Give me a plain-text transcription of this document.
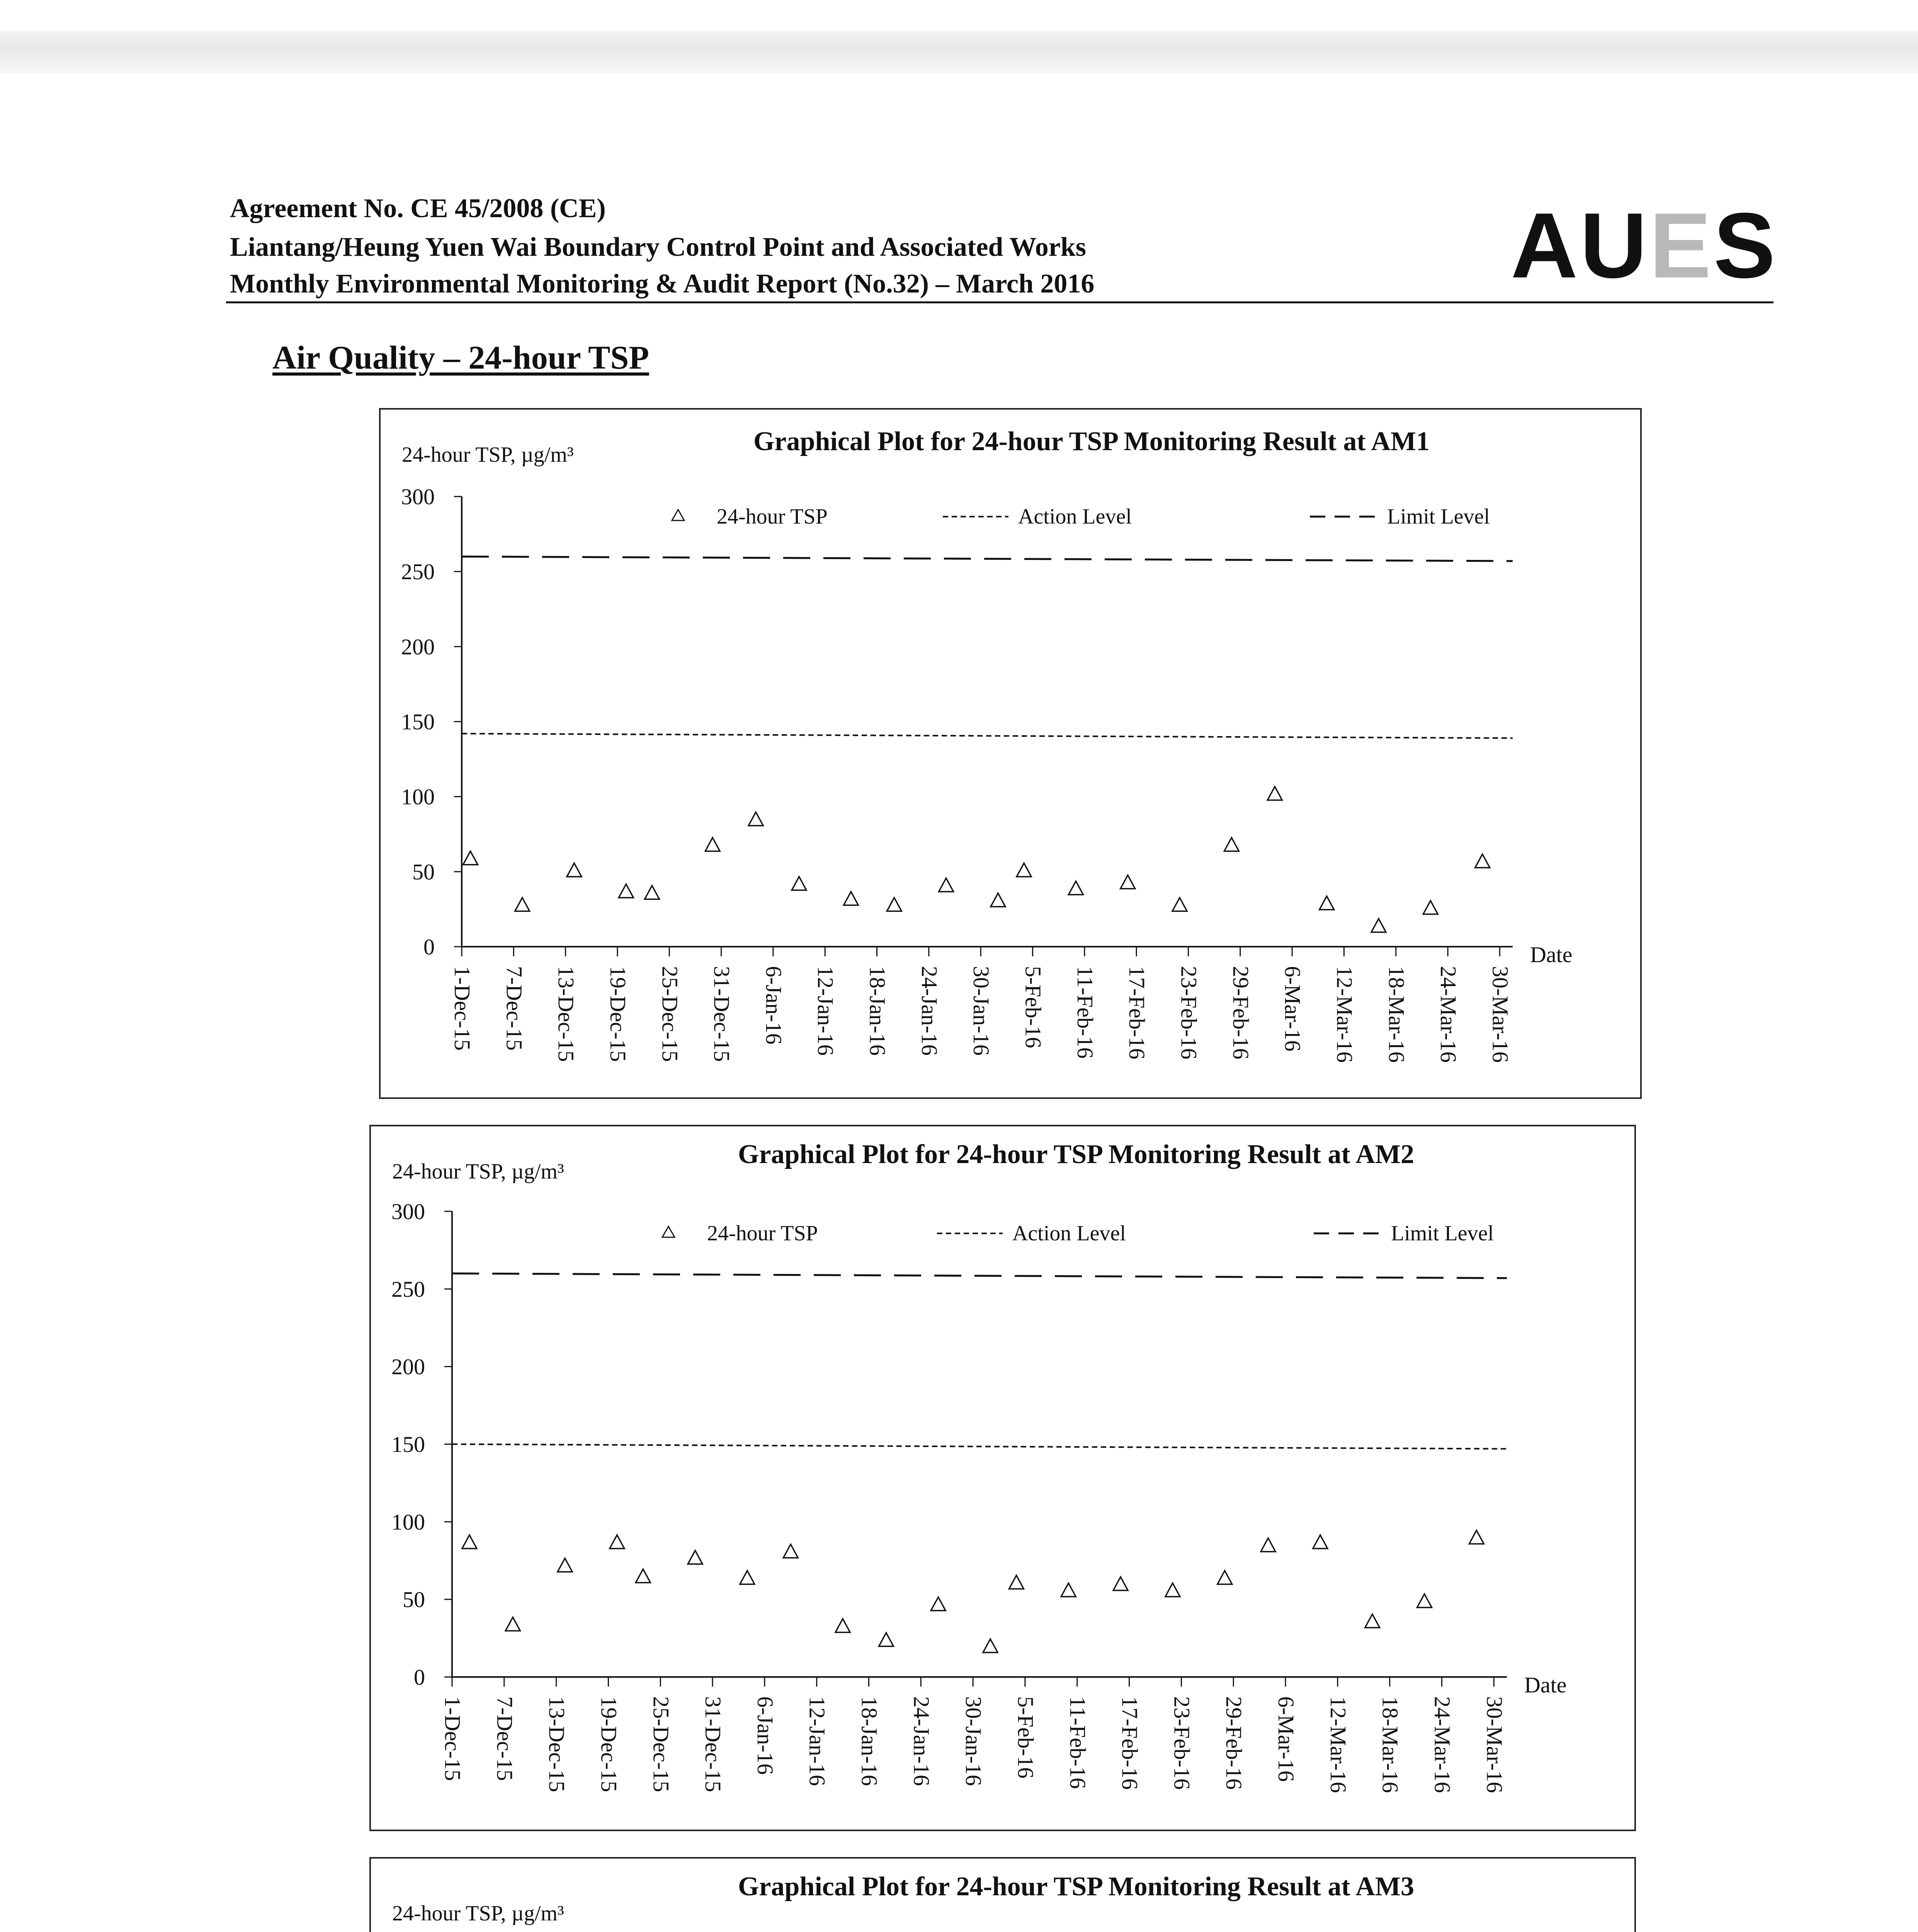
Agreement No. CE 45/2008 (CE)
Liantang/Heung Yuen Wai Boundary Control Point and Associated Works
Monthly Environmental Monitoring & Audit Report (No.32) – March 2016	AUES
Air Quality – 24-hour TSP
Graphical Plot for 24-hour TSP Monitoring Result at AM1
24-hour TSP, µg/m³
0
50
100
150
200
250
300
1-Dec-15 7-Dec-15 13-Dec-15 19-Dec-15 25-Dec-15 31-Dec-15 6-Jan-16 12-Jan-16 18-Jan-16 24-Jan-16 30-Jan-16 5-Feb-16 11-Feb-16 17-Feb-16 23-Feb-16 29-Feb-16 6-Mar-16 12-Mar-16 18-Mar-16 24-Mar-16 30-Mar-16
Date
24-hour TSP	Action Level	Limit Level
Graphical Plot for 24-hour TSP Monitoring Result at AM2
24-hour TSP, µg/m³
0
50
100
150
200
250
300
1-Dec-15 7-Dec-15 13-Dec-15 19-Dec-15 25-Dec-15 31-Dec-15 6-Jan-16 12-Jan-16 18-Jan-16 24-Jan-16 30-Jan-16 5-Feb-16 11-Feb-16 17-Feb-16 23-Feb-16 29-Feb-16 6-Mar-16 12-Mar-16 18-Mar-16 24-Mar-16 30-Mar-16
Date
24-hour TSP	Action Level	Limit Level
Graphical Plot for 24-hour TSP Monitoring Result at AM3
24-hour TSP, µg/m³
